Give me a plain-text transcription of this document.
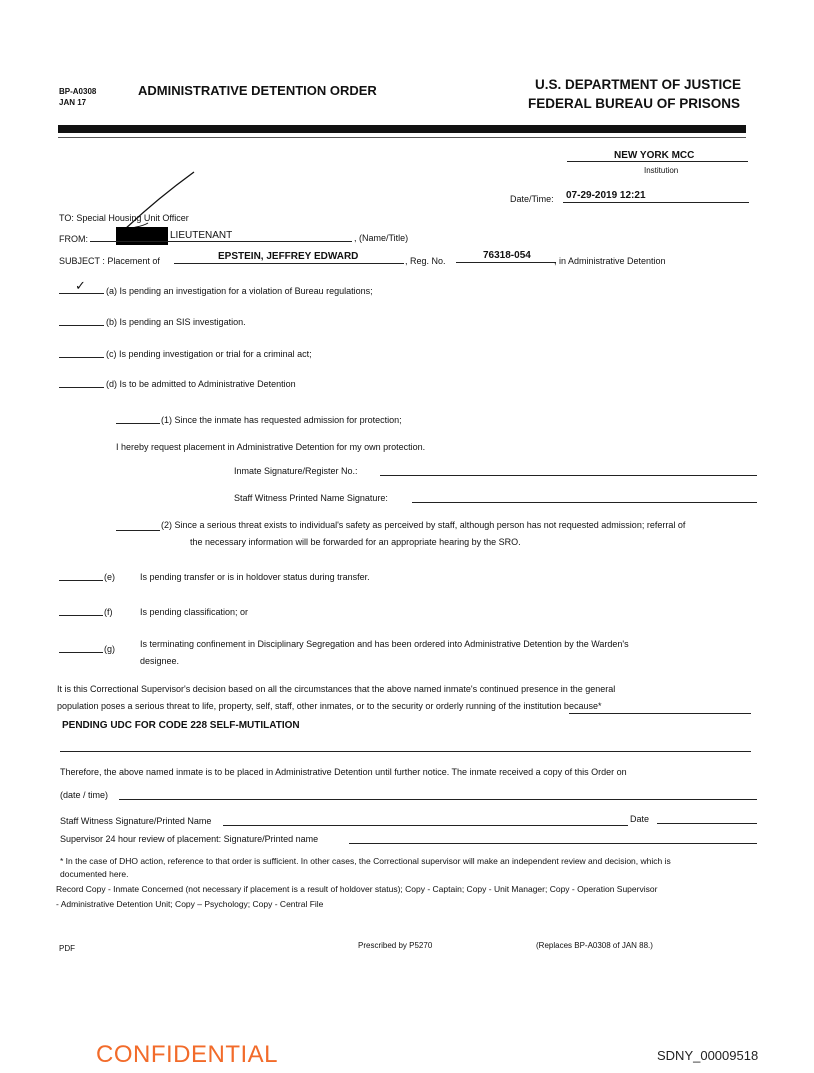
BP-A0308
JAN 17
ADMINISTRATIVE DETENTION ORDER	U.S. DEPARTMENT OF JUSTICE
FEDERAL BUREAU OF PRISONS
NEW YORK MCC
Institution
Date/Time: 07-29-2019 12:21
TO: Special Housing Unit Officer
FROM:	LIEUTENANT	, (Name/Title)
SUBJECT : Placement of	EPSTEIN, JEFFREY EDWARD	, Reg. No.	76318-054	, in Administrative Detention
✓ (a) Is pending an investigation for a violation of Bureau regulations;
(b) Is pending an SIS investigation.
(c) Is pending investigation or trial for a criminal act;
(d) Is to be admitted to Administrative Detention
(1) Since the inmate has requested admission for protection;
I hereby request placement in Administrative Detention for my own protection.
Inmate Signature/Register No.:
Staff Witness Printed Name Signature:
(2) Since a serious threat exists to individual's safety as perceived by staff, although person has not requested admission; referral of
the necessary information will be forwarded for an appropriate hearing by the SRO.
(e)	Is pending transfer or is in holdover status during transfer.
(f)	Is pending classification; or
(g)	Is terminating confinement in Disciplinary Segregation and has been ordered into Administrative Detention by the Warden's
designee.
It is this Correctional Supervisor's decision based on all the circumstances that the above named inmate's continued presence in the general
population poses a serious threat to life, property, self, staff, other inmates, or to the security or orderly running of the institution because*
PENDING UDC FOR CODE 228 SELF-MUTILATION
Therefore, the above named inmate is to be placed in Administrative Detention until further notice. The inmate received a copy of this Order on
(date / time)
Staff Witness Signature/Printed Name	Date
Supervisor 24 hour review of placement: Signature/Printed name
* In the case of DHO action, reference to that order is sufficient. In other cases, the Correctional supervisor will make an independent review and decision, which is
documented here.
Record Copy - Inmate Concerned (not necessary if placement is a result of holdover status); Copy - Captain; Copy - Unit Manager; Copy - Operation Supervisor
- Administrative Detention Unit; Copy – Psychology; Copy - Central File
PDF	Prescribed by P5270	(Replaces BP-A0308 of JAN 88.)
CONFIDENTIAL	SDNY_00009518
